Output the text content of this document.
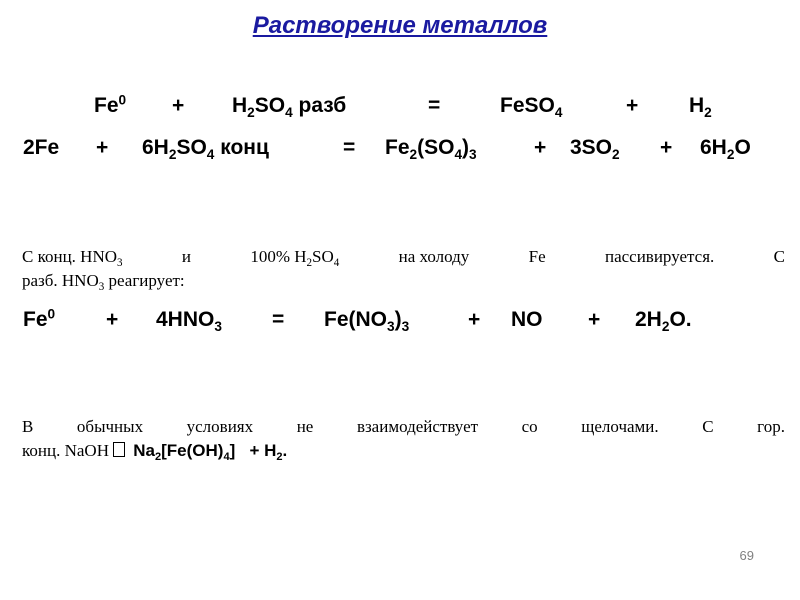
Растворение металлов
$Fe^0 + H_2SO_4$ разб	=	FeSO$_4$	+ $H_2$
$2Fe + 6H_2SO_4$ конц	= $Fe_2(SO_4)_3$	+ $3SO_2 + 6H_2O$
С конц. $HNO_3$	и	100% $H_2SO_4$	на холоду	Fe	пассивируется.	С
разб. $HNO_3$ реагирует:
$Fe^0 + 4HNO_3 = Fe(NO_3)_3$	+ NO + $2H_2O$.
В	обычных	условиях	не	взаимодействует	со	щелочами.	С	гор.
конц. NaOH $Na_2[Fe(OH)_4] + H_2$.
69
